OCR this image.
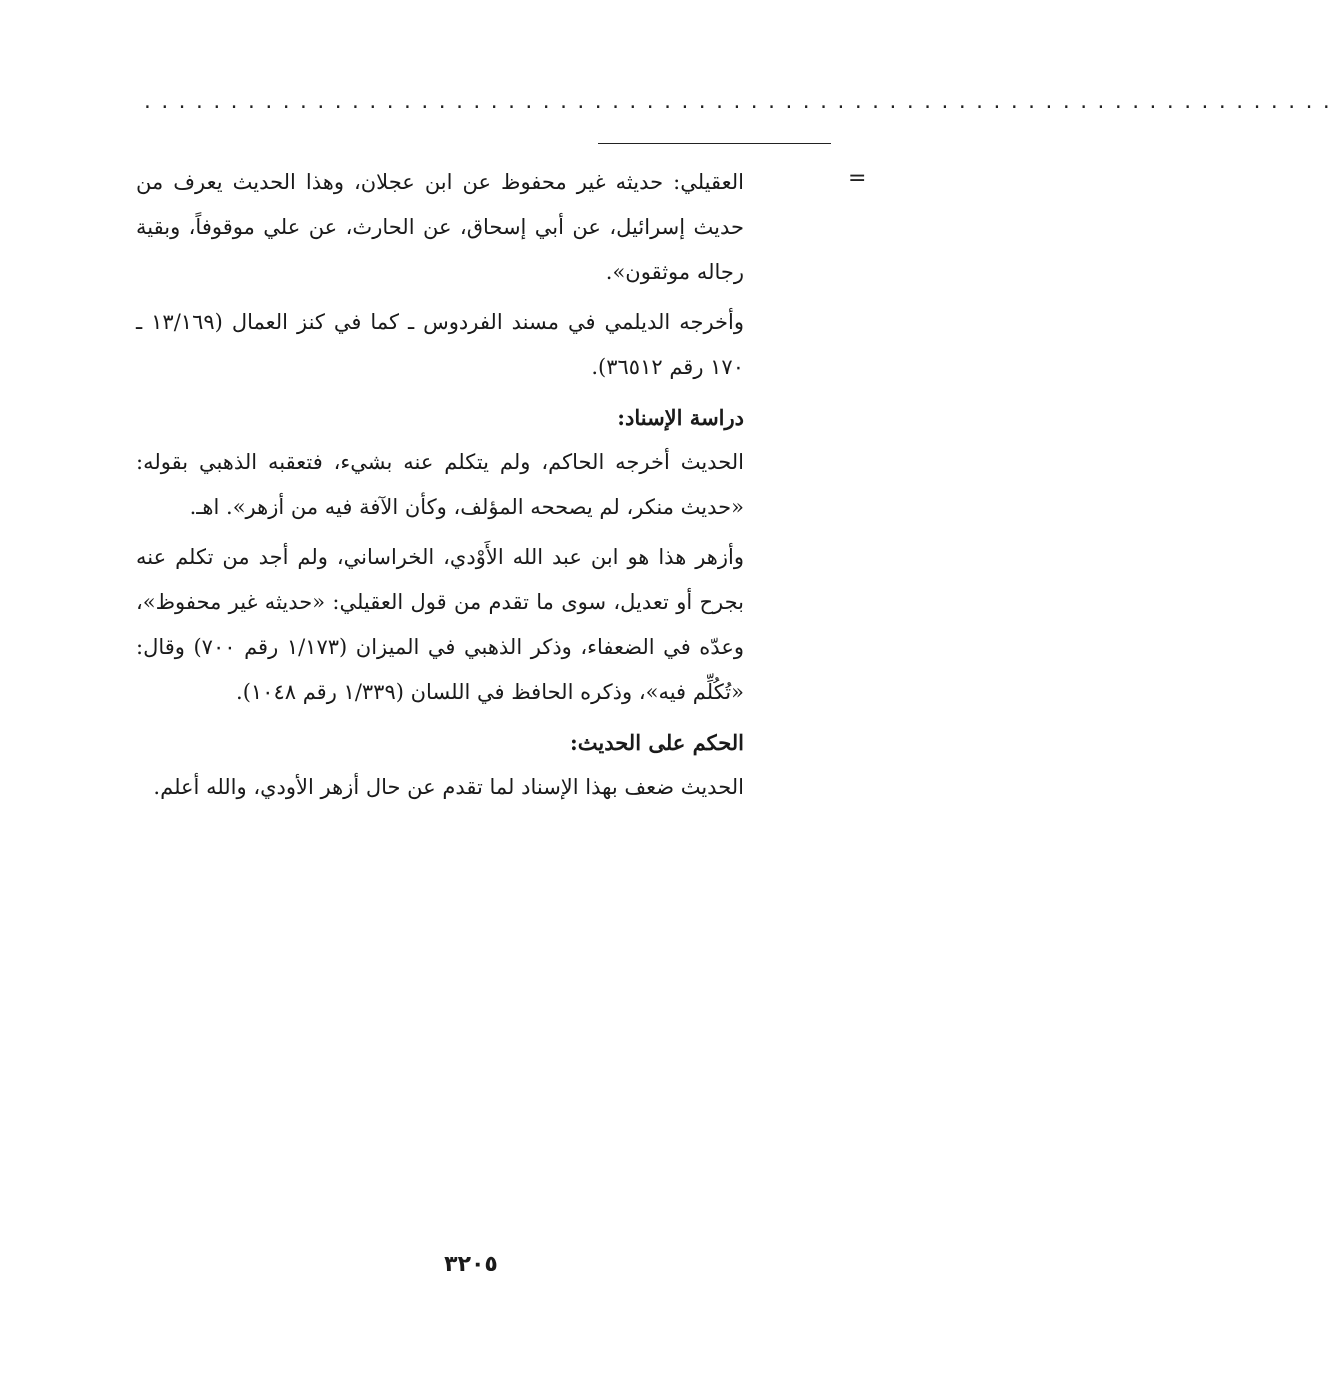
.....................................................................
=

العقيلي: حديثه غير محفوظ عن ابن عجلان، وهذا الحديث يعرف من حديث إسرائيل، عن أبي إسحاق، عن الحارث، عن علي موقوفاً، وبقية رجاله موثقون».

وأخرجه الديلمي في مسند الفردوس ـ كما في كنز العمال (١٣/١٦٩ ـ ١٧٠ رقم ٣٦٥١٢).

دراسة الإسناد:

الحديث أخرجه الحاكم، ولم يتكلم عنه بشيء، فتعقبه الذهبي بقوله: «حديث منكر، لم يصححه المؤلف، وكأن الآفة فيه من أزهر». اهـ.

وأزهر هذا هو ابن عبد الله الأَوْدي، الخراساني، ولم أجد من تكلم عنه بجرح أو تعديل، سوى ما تقدم من قول العقيلي: «حديثه غير محفوظ»، وعدّه في الضعفاء، وذكر الذهبي في الميزان (١/١٧٣ رقم ٧٠٠) وقال: «تُكُلِّم فيه»، وذكره الحافظ في اللسان (١/٣٣٩ رقم ١٠٤٨).

الحكم على الحديث:

الحديث ضعف بهذا الإسناد لما تقدم عن حال أزهر الأودي، والله أعلم.

٣٢٠٥
